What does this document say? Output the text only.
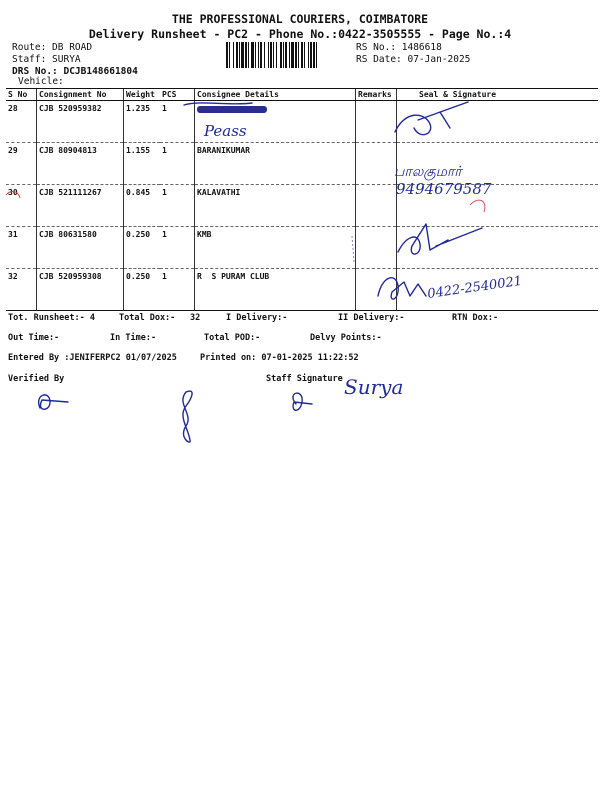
THE PROFESSIONAL COURIERS, COIMBATORE
Delivery Runsheet - PC2 - Phone No.:0422-3505555 - Page No.:4
Route: DB ROAD
Staff: SURYA
DRS No.: DCJB148661804
Vehicle:
RS No.: 1486618
RS Date: 07-Jan-2025
S No	Consignment No	Weight	PCS	Consignee Details	Remarks	Seal & Signature
28	CJB 520959382	1.235	1			
29	CJB 80904813	1.155	1	BARANIKUMAR		
30	CJB 521111267	0.845	1	KALAVATHI		
31	CJB 80631580	0.250	1	KMB		
32	CJB 520959308	0.250	1	R  S PURAM CLUB		
Peass
பாலகுமார்
9494679587
0422-2540021
Surya
Tot. Runsheet:- 4	Total Dox:- 32	I Delivery:-	II Delivery:-	RTN Dox:-
Out Time:-	In Time:-	Total POD:-	Delvy Points:-
Entered By :JENIFERPC2 01/07/2025	Printed on: 07-01-2025 11:22:52
Verified By	Staff Signature
